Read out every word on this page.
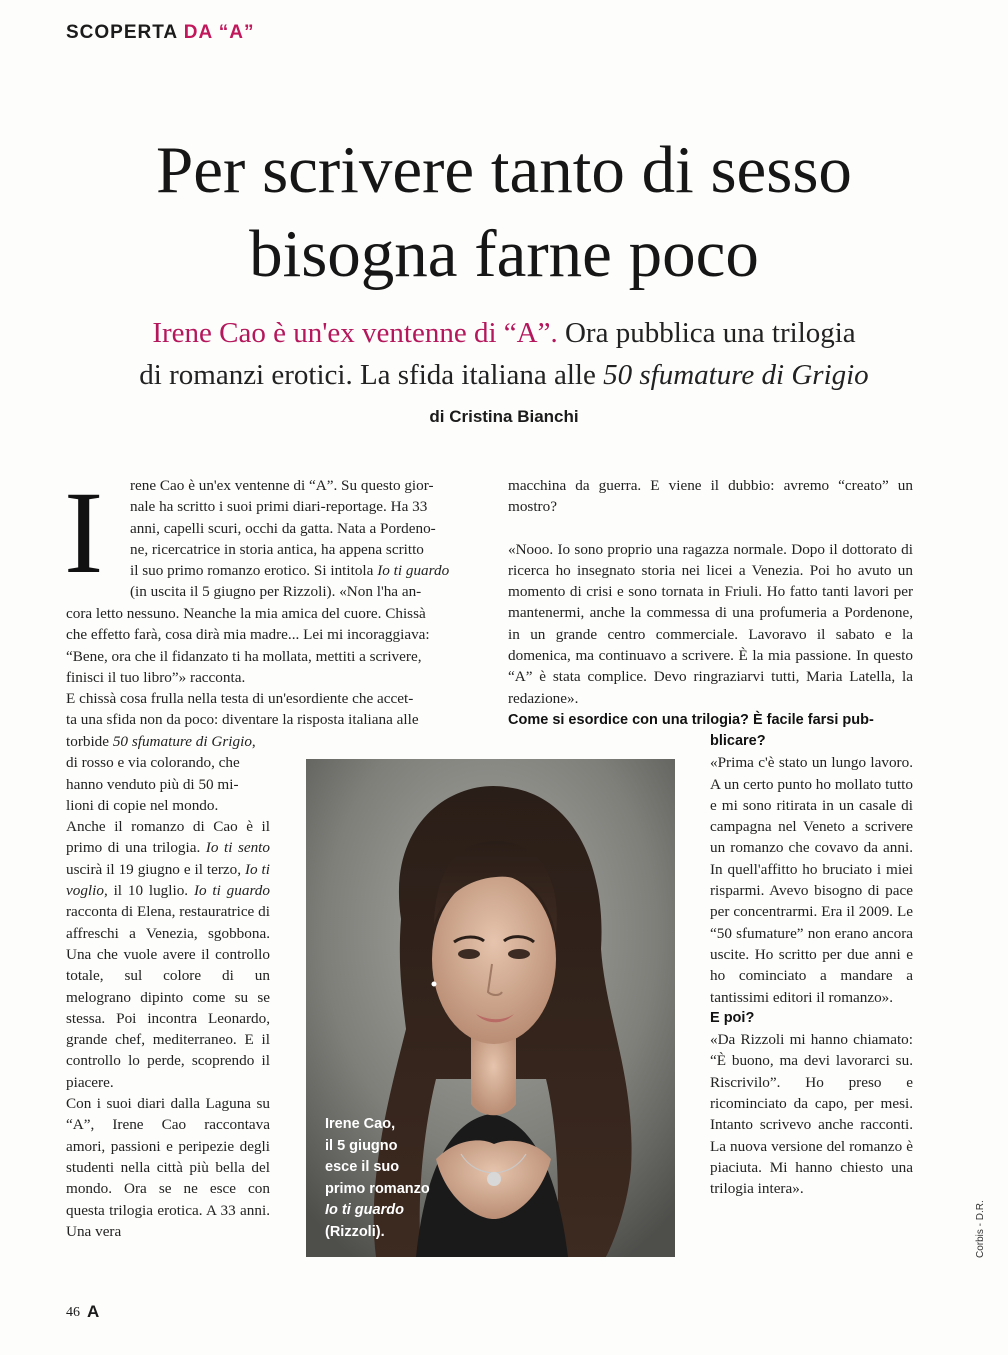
SCOPERTA DA “A”
Per scrivere tanto di sesso
bisogna farne poco
Irene Cao è un'ex ventenne di “A”. Ora pubblica una trilogia
di romanzi erotici. La sfida italiana alle 50 sfumature di Grigio
di Cristina Bianchi
I rene Cao è un'ex ventenne di “A”. Su questo gior-
nale ha scritto i suoi primi diari-reportage. Ha 33
anni, capelli scuri, occhi da gatta. Nata a Pordeno-
ne, ricercatrice in storia antica, ha appena scritto
il suo primo romanzo erotico. Si intitola Io ti guardo
(in uscita il 5 giugno per Rizzoli). «Non l'ha an-
cora letto nessuno. Neanche la mia amica del cuore. Chissà
che effetto farà, cosa dirà mia madre... Lei mi incoraggiava:
“Bene, ora che il fidanzato ti ha mollata, mettiti a scrivere,
finisci il tuo libro”» racconta.
E chissà cosa frulla nella testa di un'esordiente che accet-
ta una sfida non da poco: diventare la risposta italiana alle
torbide 50 sfumature di Grigio,
di rosso e via colorando, che
hanno venduto più di 50 mi-
lioni di copie nel mondo.

Anche il romanzo di Cao è il primo di una trilogia. Io ti sento uscirà il 19 giugno e il terzo, Io ti voglio, il 10 luglio. Io ti guardo racconta di Elena, restauratrice di affreschi a Venezia, sgobbona. Una che vuole avere il controllo totale, sul colore di un melograno dipinto come su se stessa. Poi incontra Leonardo, grande chef, mediterraneo. E il controllo lo perde, scoprendo il piacere.

Con i suoi diari dalla Laguna su “A”, Irene Cao raccontava amori, passioni e peripezie degli studenti nella città più bella del mondo. Ora se ne esce con questa trilogia erotica. A 33 anni. Una vera

macchina da guerra. E viene il dubbio: avremo “creato” un mostro?

«Nooo. Io sono proprio una ragazza normale. Dopo il dottorato di ricerca ho insegnato storia nei licei a Venezia. Poi ho avuto un momento di crisi e sono tornata in Friuli. Ho fatto tanti lavori per mantenermi, anche la commessa di una profumeria a Pordenone, in un grande centro commerciale. Lavoravo il sabato e la domenica, ma continuavo a scrivere. È la mia passione. In questo “A” è stata complice. Devo ringraziarvi tutti, Maria Latella, la redazione».

Come si esordice con una trilogia? È facile farsi pub-
blicare?

«Prima c'è stato un lungo lavoro. A un certo punto ho mollato tutto e mi sono ritirata in un casale di campagna nel Veneto a scrivere un romanzo che covavo da anni. In quell'affitto ho bruciato i miei risparmi. Avevo bisogno di pace per concentrarmi. Era il 2009. Le “50 sfumature” non erano ancora uscite. Ho scritto per due anni e ho cominciato a mandare a tantissimi editori il romanzo».

E poi?

«Da Rizzoli mi hanno chiamato: “È buono, ma devi lavorarci su. Riscrivilo”. Ho preso e ricominciato da capo, per mesi. Intanto scrivevo anche racconti. La nuova versione del romanzo è piaciuta. Mi hanno chiesto una trilogia intera».

Irene Cao,
il 5 giugno
esce il suo
primo romanzo
Io ti guardo
(Rizzoli).	Corbis - D.R.
46 A
